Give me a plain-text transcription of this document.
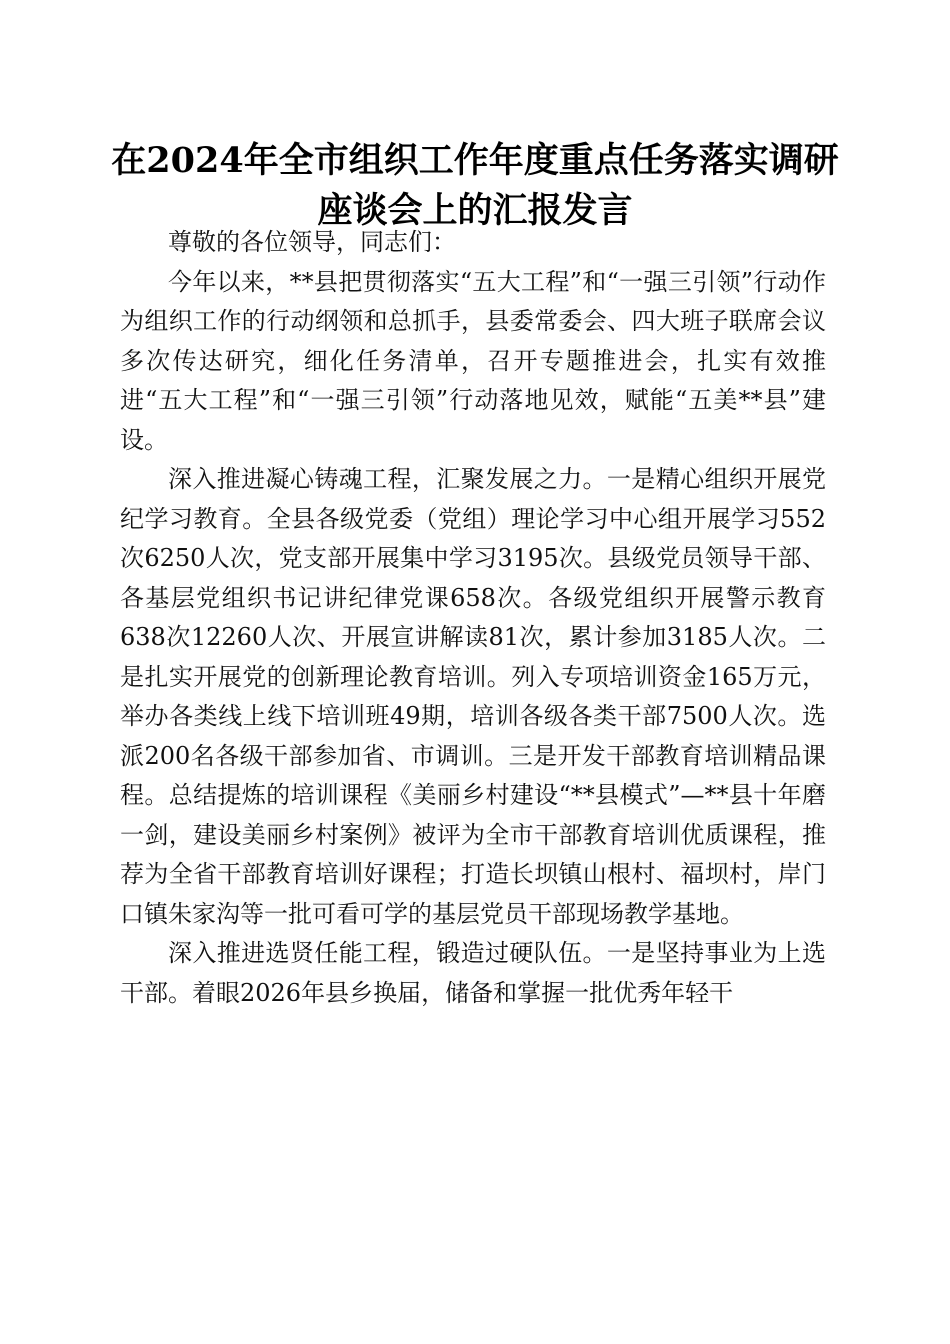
在2024年全市组织工作年度重点任务落实调研座谈会上的汇报发言

尊敬的各位领导，同志们：

今年以来，**县把贯彻落实“五大工程”和“一强三引领”行动作为组织工作的行动纲领和总抓手，县委常委会、四大班子联席会议多次传达研究，细化任务清单，召开专题推进会，扎实有效推进“五大工程”和“一强三引领”行动落地见效，赋能“五美**县”建设。

深入推进凝心铸魂工程，汇聚发展之力。一是精心组织开展党纪学习教育。全县各级党委（党组）理论学习中心组开展学习552次6250人次，党支部开展集中学习3195次。县级党员领导干部、各基层党组织书记讲纪律党课658次。各级党组织开展警示教育638次12260人次、开展宣讲解读81次，累计参加3185人次。二是扎实开展党的创新理论教育培训。列入专项培训资金165万元，举办各类线上线下培训班49期，培训各级各类干部7500人次。选派200名各级干部参加省、市调训。三是开发干部教育培训精品课程。总结提炼的培训课程《美丽乡村建设“**县模式”—**县十年磨一剑，建设美丽乡村案例》被评为全市干部教育培训优质课程，推荐为全省干部教育培训好课程；打造长坝镇山根村、福坝村，岸门口镇朱家沟等一批可看可学的基层党员干部现场教学基地。

深入推进选贤任能工程，锻造过硬队伍。一是坚持事业为上选干部。着眼2026年县乡换届，储备和掌握一批优秀年轻干
